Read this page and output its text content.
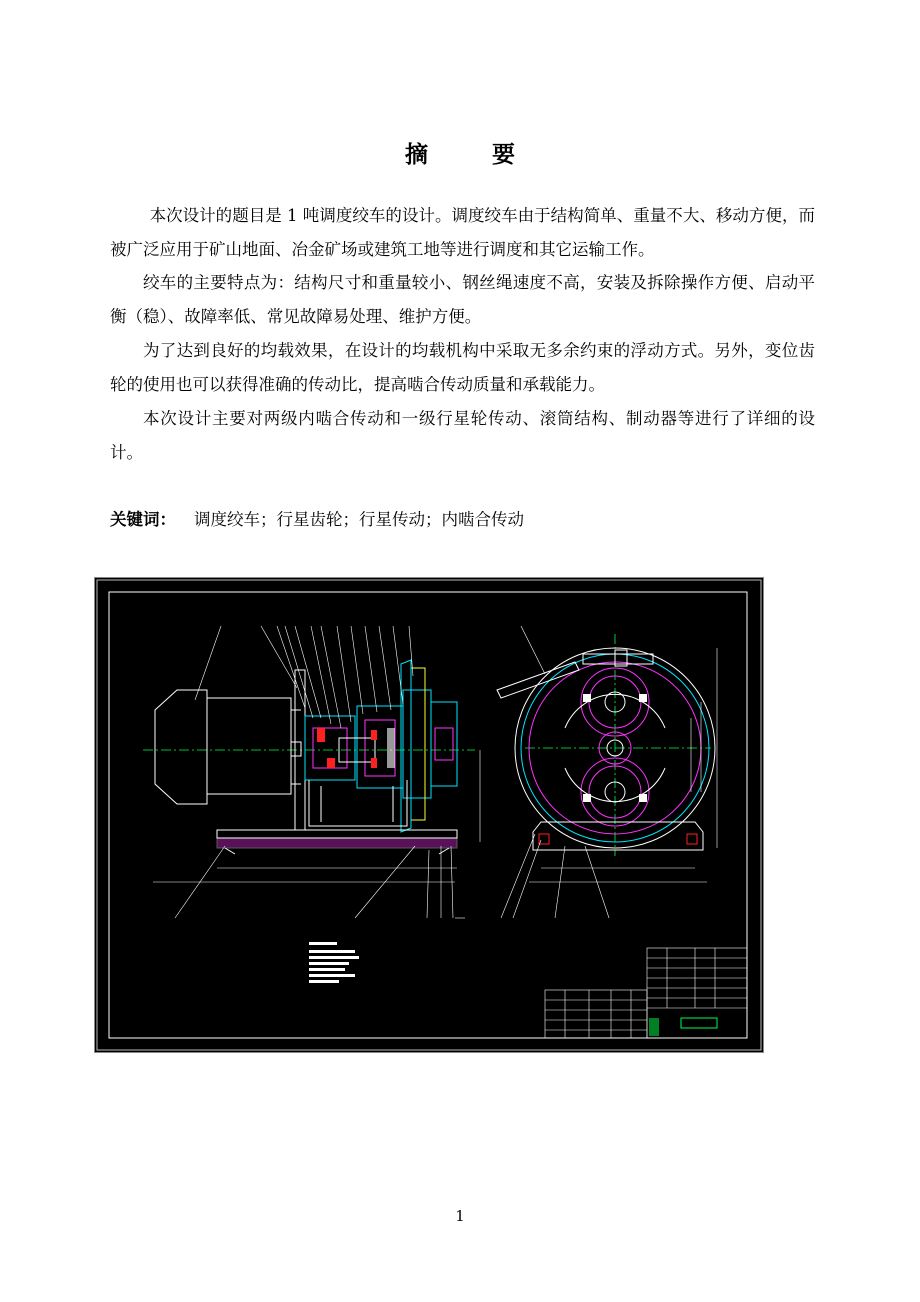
摘 要

本次设计的题目是 1 吨调度绞车的设计。调度绞车由于结构简单、重量不大、移动方便，而被广泛应用于矿山地面、冶金矿场或建筑工地等进行调度和其它运输工作。

绞车的主要特点为：结构尺寸和重量较小、钢丝绳速度不高，安装及拆除操作方便、启动平衡（稳）、故障率低、常见故障易处理、维护方便。

为了达到良好的均载效果，在设计的均载机构中采取无多余约束的浮动方式。另外，变位齿轮的使用也可以获得准确的传动比，提高啮合传动质量和承载能力。

本次设计主要对两级内啮合传动和一级行星轮传动、滚筒结构、制动器等进行了详细的设计。

关键词： 调度绞车；行星齿轮；行星传动；内啮合传动
1
